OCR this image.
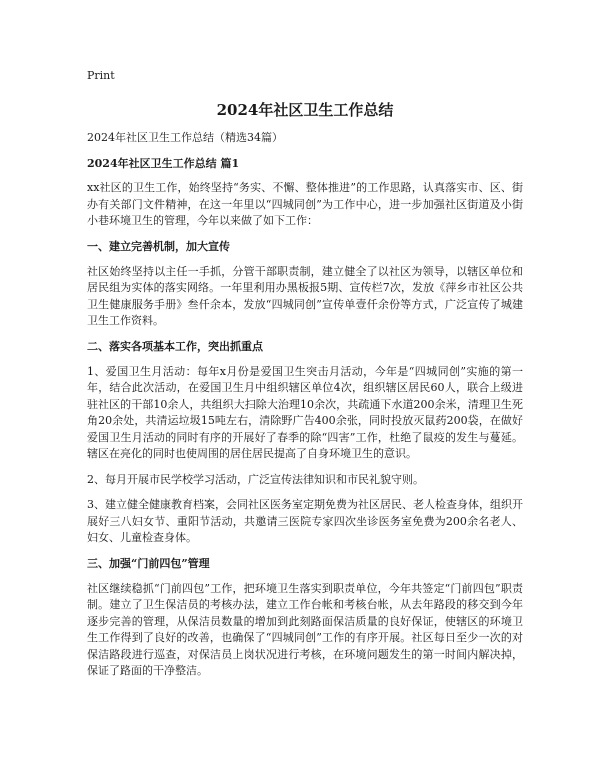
Print
2024年社区卫生工作总结
2024年社区卫生工作总结（精选34篇）
2024年社区卫生工作总结 篇1

xx社区的卫生工作，始终坚持“务实、不懈、整体推进”的工作思路，认真落实市、区、街办有关部门文件精神，在这一年里以“四城同创”为工作中心，进一步加强社区街道及小街小巷环境卫生的管理，今年以来做了如下工作：

一、建立完善机制，加大宣传

社区始终坚持以主任一手抓，分管干部职责制，建立健全了以社区为领导，以辖区单位和居民组为实体的落实网络。一年里利用办黑板报5期、宣传栏7次，发放《萍乡市社区公共卫生健康服务手册》叁仟余本，发放“四城同创”宣传单壹仟余份等方式，广泛宣传了城建卫生工作资料。

二、落实各项基本工作，突出抓重点

1、爱国卫生月活动：每年x月份是爱国卫生突击月活动，今年是“四城同创”实施的第一年，结合此次活动，在爱国卫生月中组织辖区单位4次，组织辖区居民60人，联合上级进驻社区的干部10余人，共组织大扫除大治理10余次，共疏通下水道200余米，清理卫生死角20余处，共清运垃圾15吨左右，清除野广告400余张，同时投放灭鼠药200袋，在做好爱国卫生月活动的同时有序的开展好了春季的除“四害”工作，杜绝了鼠疫的发生与蔓延。辖区在亮化的同时也使周围的居住居民提高了自身环境卫生的意识。

2、每月开展市民学校学习活动，广泛宣传法律知识和市民礼貌守则。

3、建立健全健康教育档案，会同社区医务室定期免费为社区居民、老人检查身体，组织开展好三八妇女节、重阳节活动，共邀请三医院专家四次坐诊医务室免费为200余名老人、妇女、儿童检查身体。

三、加强“门前四包”管理

社区继续稳抓“门前四包”工作，把环境卫生落实到职责单位，今年共签定“门前四包”职责制。建立了卫生保洁员的考核办法，建立工作台帐和考核台帐，从去年路段的移交到今年逐步完善的管理，从保洁员数量的增加到此刻路面保洁质量的良好保证，使辖区的环境卫生工作得到了良好的改善，也确保了“四城同创”工作的有序开展。社区每日至少一次的对保洁路段进行巡查，对保洁员上岗状况进行考核，在环境问题发生的第一时间内解决掉，保证了路面的干净整洁。
